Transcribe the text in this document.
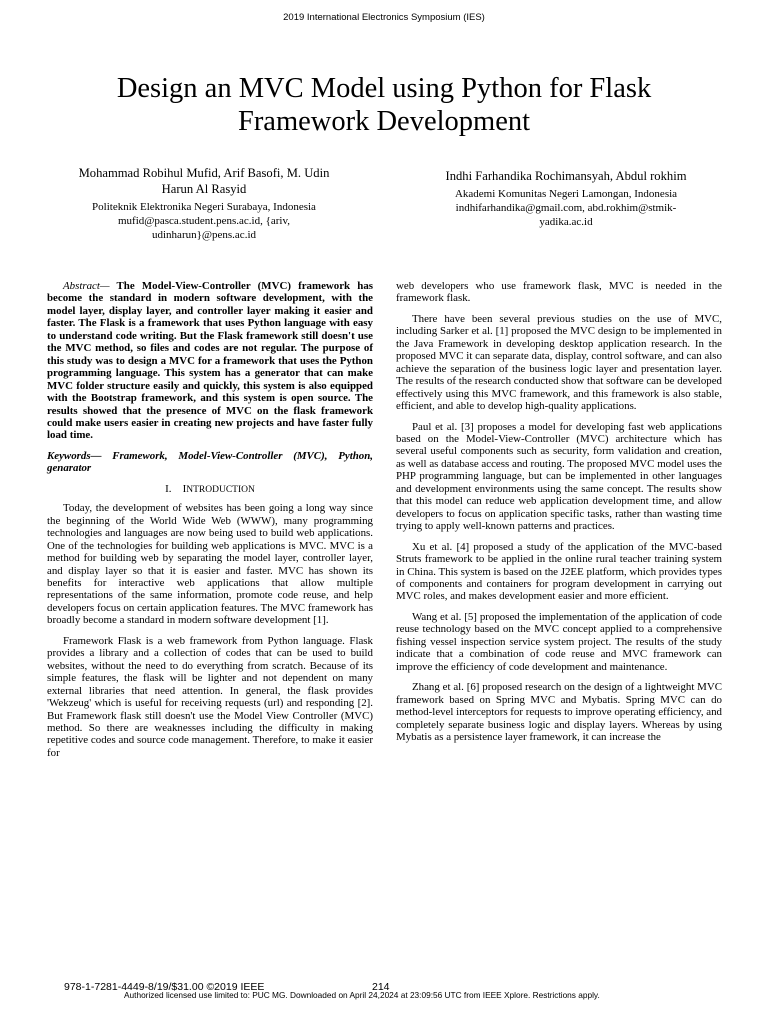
2019 International Electronics Symposium (IES)
Design an MVC Model using Python for Flask
Framework Development
Mohammad Robihul Mufid, Arif Basofi, M. Udin
Harun Al Rasyid
Politeknik Elektronika Negeri Surabaya, Indonesia
mufid@pasca.student.pens.ac.id, {ariv,
udinharun}@pens.ac.id
Indhi Farhandika Rochimansyah, Abdul rokhim
Akademi Komunitas Negeri Lamongan, Indonesia
indhifarhandika@gmail.com, abd.rokhim@stmik-
yadika.ac.id

Abstract— The Model-View-Controller (MVC) framework has become the standard in modern software development, with the model layer, display layer, and controller layer making it easier and faster. The Flask is a framework that uses Python language with easy to understand code writing. But the Flask framework still doesn't use the MVC method, so files and codes are not regular. The purpose of this study was to design a MVC for a framework that uses the Python programming language. This system has a generator that can make MVC folder structure easily and quickly, this system is also equipped with the Bootstrap framework, and this system is open source. The results showed that the presence of MVC on the flask framework could make users easier in creating new projects and have faster fully load time.

Keywords— Framework, Model-View-Controller (MVC), Python, genarator

I. INTRODUCTION

Today, the development of websites has been going a long way since the beginning of the World Wide Web (WWW), many programming technologies and languages are now being used to build web applications. One of the technologies for building web applications is MVC. MVC is a method for building web by separating the model layer, controller layer, and display layer so that it is easier and faster. MVC has shown its benefits for interactive web applications that allow multiple representations of the same information, promote code reuse, and help developers focus on certain application features. The MVC framework has broadly become a standard in modern software development [1].

Framework Flask is a web framework from Python language. Flask provides a library and a collection of codes that can be used to build websites, without the need to do everything from scratch. Because of its simple features, the flask will be lighter and not dependent on many external libraries that need attention. In general, the flask provides 'Wekzeug' which is useful for receiving requests (url) and responding [2]. But Framework flask still doesn't use the Model View Controller (MVC) method. So there are weaknesses including the difficulty in making repetitive codes and source code management. Therefore, to make it easier for

web developers who use framework flask, MVC is needed in the framework flask.

There have been several previous studies on the use of MVC, including Sarker et al. [1] proposed the MVC design to be implemented in the Java Framework in developing desktop application research. In the proposed MVC it can separate data, display, control software, and can also achieve the separation of the business logic layer and presentation layer. The results of the research conducted show that software can be developed effectively using this MVC framework, and this framework is also stable, efficient, and able to develop high-quality applications.

Paul et al. [3] proposes a model for developing fast web applications based on the Model-View-Controller (MVC) architecture which has several useful components such as security, form validation and creation, as well as database access and routing. The proposed MVC model uses the PHP programming language, but can be implemented in other languages and development environments using the same concept. The results show that this model can reduce web application development time, and allow developers to focus on application specific tasks, rather than wasting time trying to apply well-known patterns and practices.

Xu et al. [4] proposed a study of the application of the MVC-based Struts framework to be applied in the online rural teacher training system in China. This system is based on the J2EE platform, which provides types of components and containers for program development in carrying out MVC roles, and makes development easier and more efficient.

Wang et al. [5] proposed the implementation of the application of code reuse technology based on the MVC concept applied to a comprehensive fishing vessel inspection service system project. The results of the study indicate that a combination of code reuse and MVC framework can improve the efficiency of code development and maintenance.

Zhang et al. [6] proposed research on the design of a lightweight MVC framework based on Spring MVC and Mybatis. Spring MVC can do method-level interceptors for requests to improve operating efficiency, and completely separate business logic and display layers. Whereas by using Mybatis as a persistence layer framework, it can increase the

978-1-7281-4449-8/19/$31.00 ©2019 IEEE	214
Authorized licensed use limited to: PUC MG. Downloaded on April 24,2024 at 23:09:56 UTC from IEEE Xplore. Restrictions apply.
